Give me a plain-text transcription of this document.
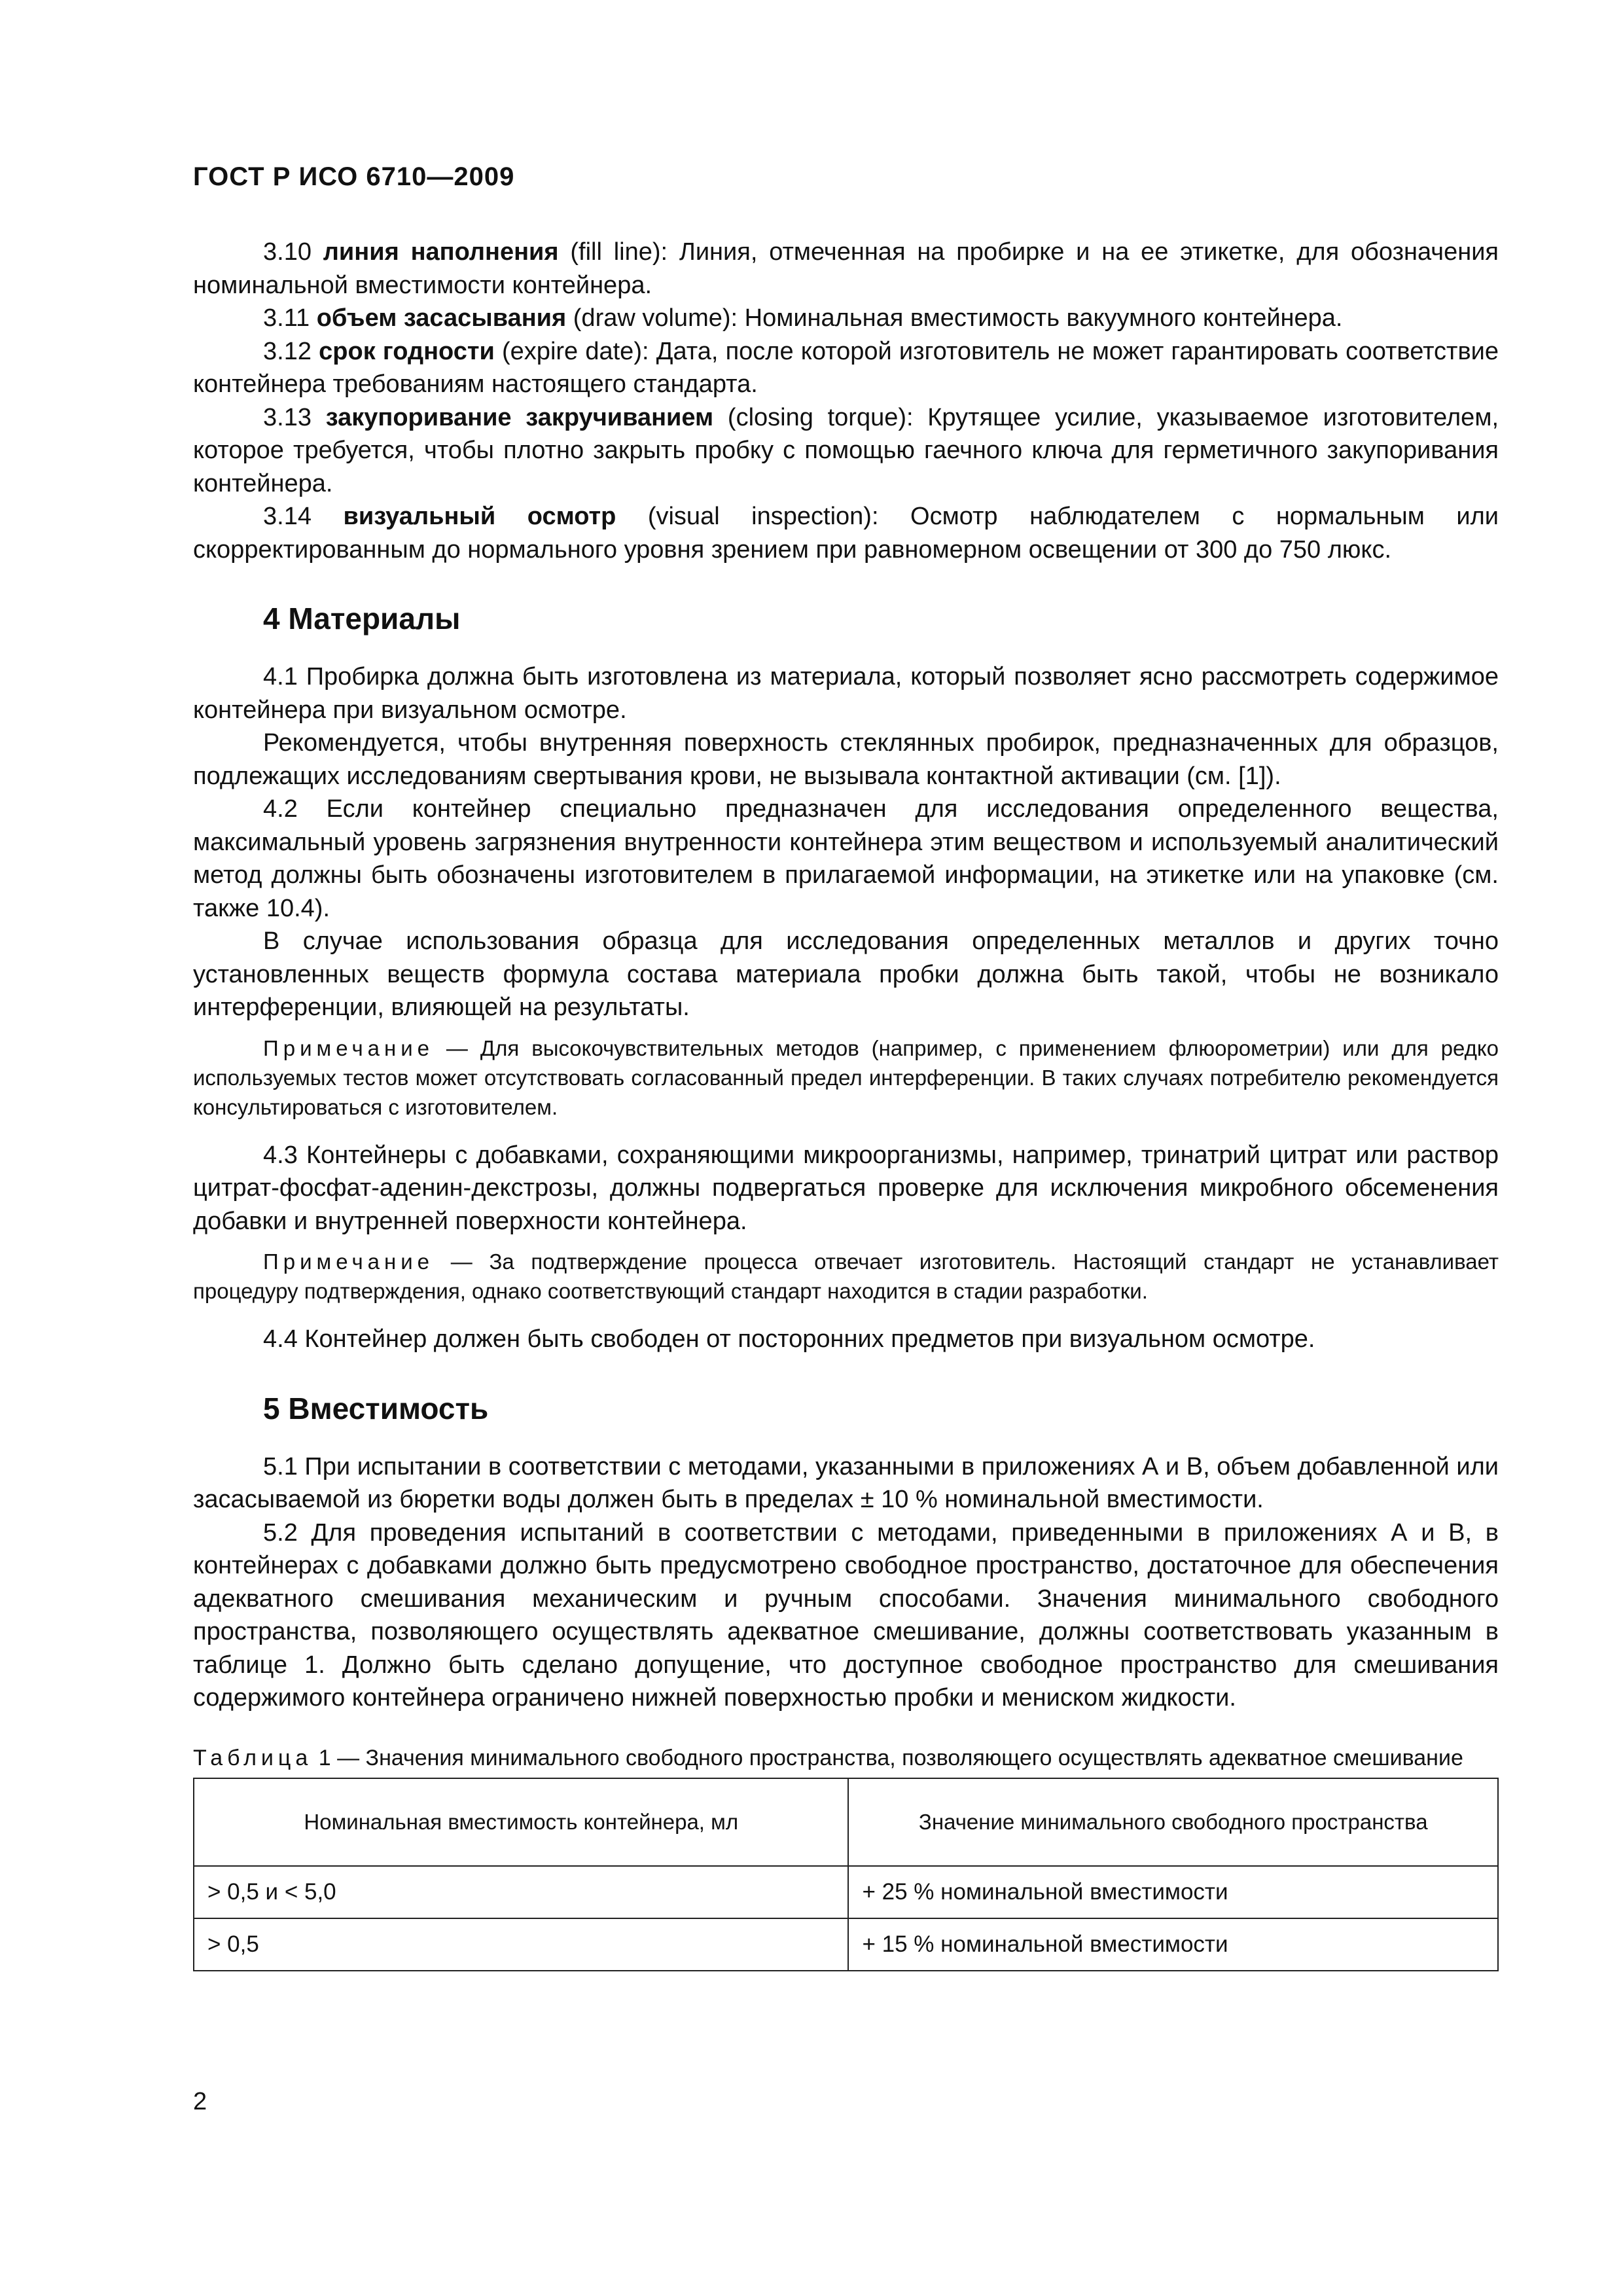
ГОСТ Р ИСО 6710—2009

3.10 линия наполнения (fill line): Линия, отмеченная на пробирке и на ее этикетке, для обозначения номинальной вместимости контейнера.

3.11 объем засасывания (draw volume): Номинальная вместимость вакуумного контейнера.

3.12 срок годности (expire date): Дата, после которой изготовитель не может гарантировать соответствие контейнера требованиям настоящего стандарта.

3.13 закупоривание закручиванием (closing torque): Крутящее усилие, указываемое изготовителем, которое требуется, чтобы плотно закрыть пробку с помощью гаечного ключа для герметичного закупоривания контейнера.

3.14 визуальный осмотр (visual inspection): Осмотр наблюдателем с нормальным или скорректированным до нормального уровня зрением при равномерном освещении от 300 до 750 люкс.

4 Материалы

4.1 Пробирка должна быть изготовлена из материала, который позволяет ясно рассмотреть содержимое контейнера при визуальном осмотре.

Рекомендуется, чтобы внутренняя поверхность стеклянных пробирок, предназначенных для образцов, подлежащих исследованиям свертывания крови, не вызывала контактной активации (см. [1]).

4.2 Если контейнер специально предназначен для исследования определенного вещества, максимальный уровень загрязнения внутренности контейнера этим веществом и используемый аналитический метод должны быть обозначены изготовителем в прилагаемой информации, на этикетке или на упаковке (см. также 10.4).

В случае использования образца для исследования определенных металлов и других точно установленных веществ формула состава материала пробки должна быть такой, чтобы не возникало интерференции, влияющей на результаты.

Примечание — Для высокочувствительных методов (например, с применением флюорометрии) или для редко используемых тестов может отсутствовать согласованный предел интерференции. В таких случаях потребителю рекомендуется консультироваться с изготовителем.

4.3 Контейнеры с добавками, сохраняющими микроорганизмы, например, тринатрий цитрат или раствор цитрат-фосфат-аденин-декстрозы, должны подвергаться проверке для исключения микробного обсеменения добавки и внутренней поверхности контейнера.

Примечание — За подтверждение процесса отвечает изготовитель. Настоящий стандарт не устанавливает процедуру подтверждения, однако соответствующий стандарт находится в стадии разработки.

4.4 Контейнер должен быть свободен от посторонних предметов при визуальном осмотре.

5 Вместимость

5.1 При испытании в соответствии с методами, указанными в приложениях А и В, объем добавленной или засасываемой из бюретки воды должен быть в пределах ± 10 % номинальной вместимости.

5.2 Для проведения испытаний в соответствии с методами, приведенными в приложениях А и В, в контейнерах с добавками должно быть предусмотрено свободное пространство, достаточное для обеспечения адекватного смешивания механическим и ручным способами. Значения минимального свободного пространства, позволяющего осуществлять адекватное смешивание, должны соответствовать указанным в таблице 1. Должно быть сделано допущение, что доступное свободное пространство для смешивания содержимого контейнера ограничено нижней поверхностью пробки и мениском жидкости.

Таблица 1 — Значения минимального свободного пространства, позволяющего осуществлять адекватное смешивание
Номинальная вместимость контейнера, мл	Значение минимального свободного пространства
> 0,5 и < 5,0	+ 25 % номинальной вместимости
> 0,5	+ 15 % номинальной вместимости
2
